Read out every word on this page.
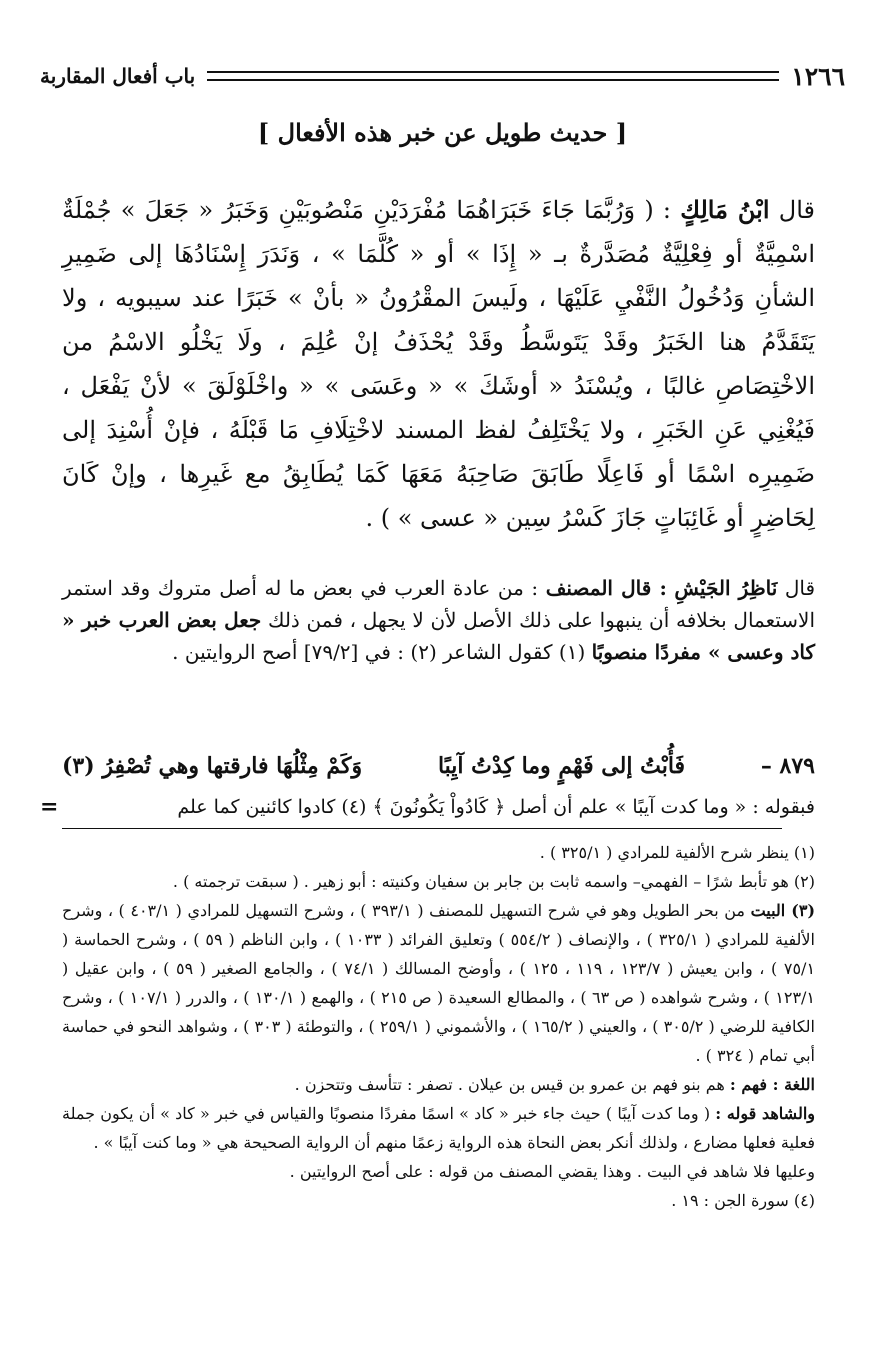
١٢٦٦
باب أفعال المقاربة
[ حديث طويل عن خبر هذه الأفعال ]
قال ابْنُ مَالِكٍ : ( وَرُبَّمَا جَاءَ خَبَرَاهُمَا مُفْرَدَيْنِ مَنْصُوبَيْنِ وَخَبَرُ « جَعَلَ » جُمْلَةٌ اسْمِيَّةٌ أو فِعْلِيَّةٌ مُصَدَّرةٌ بـ « إِذَا » أو « كُلَّمَا » ، وَنَدَرَ إِسْنَادُهَا إلى ضَمِيرِ الشأنِ وَدُخُولُ النَّفْيِ عَلَيْهَا ، ولَيسَ المقْرُونُ « بأنْ » خَبَرًا عند سيبويه ، ولا يَتَقَدَّمُ هنا الخَبَرُ وقَدْ يَتَوسَّطُ وقَدْ يُحْذَفُ إنْ عُلِمَ ، ولَا يَخْلُو الاسْمُ من الاخْتِصَاصِ غالبًا ، ويُسْنَدُ « أوشَكَ » « وعَسَى » « واخْلَوْلَقَ » لأنْ يَفْعَل ، فَيُغْنِي عَنِ الخَبَرِ ، ولا يَخْتَلِفُ لفظ المسند لاخْتِلَافِ مَا قَبْلَهُ ، فإنْ أُسْنِدَ إلى ضَمِيرِه اسْمًا أو فَاعِلًا طَابَقَ صَاحِبَهُ مَعَهَا كَمَا يُطَابِقُ مع غَيرِها ، وإنْ كَانَ لِحَاضِرٍ أو غَائِبَاتٍ جَازَ كَسْرُ سِين « عسى » ) .
قال نَاظِرُ الجَيْشِ : قال المصنف : من عادة العرب في بعض ما له أصل متروك وقد استمر الاستعمال بخلافه أن ينبهوا على ذلك الأصل لأن لا يجهل ، فمن ذلك جعل بعض العرب خبر « كاد وعسى » مفردًا منصوبًا (١) كقول الشاعر (٢) : في [٧٩/٢] أصح الروايتين .
٨٧٩ –
فَأُبْتُ إلى فَهْمٍ وما كِدْتُ آيِبًا
وَكَمْ مِثْلُهَا فارقتها وهي تُصْفِرُ (٣)
فبقوله : « وما كدت آيبًا » علم أن أصل ﴿ كَادُواْ يَكُونُونَ ﴾ (٤) كادوا كائنين كما علم
=

(١) ينظر شرح الألفية للمرادي ( ٣٢٥/١ ) .

(٢) هو تأبط شرًا – الفهمي– واسمه ثابت بن جابر بن سفيان وكنيته : أبو زهير . ( سبقت ترجمته ) .

(٣) البيت من بحر الطويل وهو في شرح التسهيل للمصنف ( ٣٩٣/١ ) ، وشرح التسهيل للمرادي ( ٤٠٣/١ ) ، وشرح الألفية للمرادي ( ٣٢٥/١ ) ، والإنصاف ( ٥٥٤/٢ ) وتعليق الفرائد ( ١٠٣٣ ) ، وابن الناظم ( ٥٩ ) ، وشرح الحماسة ( ٧٥/١ ) ، وابن يعيش ( ١٢٣/٧ ، ١١٩ ، ١٢٥ ) ، وأوضح المسالك ( ٧٤/١ ) ، والجامع الصغير ( ٥٩ ) ، وابن عقيل ( ١٢٣/١ ) ، وشرح شواهده ( ص ٦٣ ) ، والمطالع السعيدة ( ص ٢١٥ ) ، والهمع ( ١٣٠/١ ) ، والدرر ( ١٠٧/١ ) ، وشرح الكافية للرضي ( ٣٠٥/٢ ) ، والعيني ( ١٦٥/٢ ) ، والأشموني ( ٢٥٩/١ ) ، والتوطئة ( ٣٠٣ ) ، وشواهد النحو في حماسة أبي تمام ( ٣٢٤ ) .

اللغة : فهم : هم بنو فهم بن عمرو بن قيس بن عيلان . تصفر : تتأسف وتتحزن .

والشاهد قوله : ( وما كدت آيبًا ) حيث جاء خبر « كاد » اسمًا مفردًا منصوبًا والقياس في خبر « كاد » أن يكون جملة فعلية فعلها مضارع ، ولذلك أنكر بعض النحاة هذه الرواية زعمًا منهم أن الرواية الصحيحة هي « وما كنت آيبًا » .

وعليها فلا شاهد في البيت . وهذا يقضي المصنف من قوله : على أصح الروايتين .

(٤) سورة الجن : ١٩ .
